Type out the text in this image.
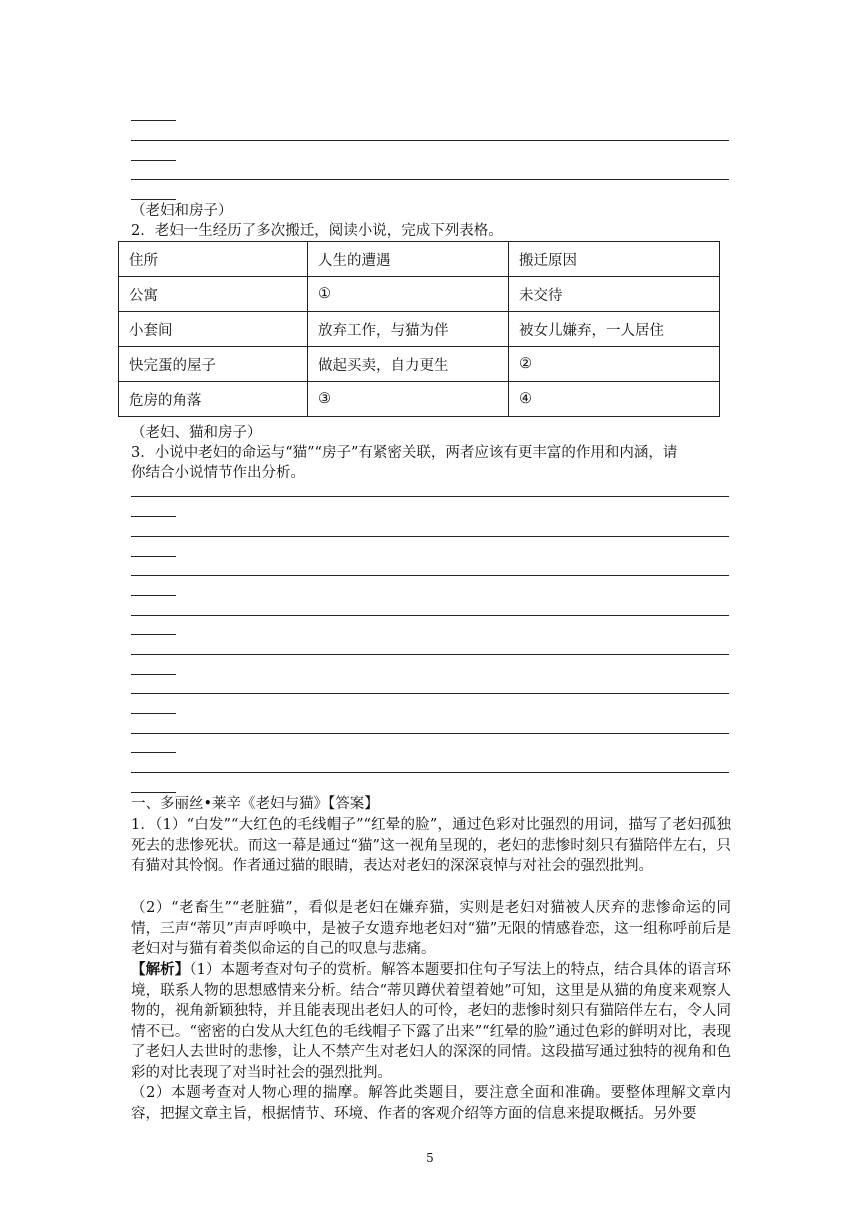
（老妇和房子）
2．老妇一生经历了多次搬迁，阅读小说，完成下列表格。
住所	人生的遭遇	搬迁原因
公寓	①	未交待
小套间	放弃工作，与猫为伴	被女儿嫌弃，一人居住
快完蛋的屋子	做起买卖，自力更生	②
危房的角落	③	④
（老妇、猫和房子）
3．小说中老妇的命运与“猫”“房子”有紧密关联，两者应该有更丰富的作用和内涵，请
你结合小说情节作出分析。
一、多丽丝•莱辛《老妇与猫》【答案】
1．（1）“白发”“大红色的毛线帽子”“红晕的脸”，通过色彩对比强烈的用词，描写了老妇孤独死去的悲惨死状。而这一幕是通过“猫”这一视角呈现的，老妇的悲惨时刻只有猫陪伴左右，只有猫对其怜悯。作者通过猫的眼睛，表达对老妇的深深哀悼与对社会的强烈批判。
（2）“老畜生”“老脏猫”，看似是老妇在嫌弃猫，实则是老妇对猫被人厌弃的悲惨命运的同情，三声“蒂贝”声声呼唤中，是被子女遗弃地老妇对“猫”无限的情感眷恋，这一组称呼前后是老妇对与猫有着类似命运的自己的叹息与悲痛。
【解析】（1）本题考查对句子的赏析。解答本题要扣住句子写法上的特点，结合具体的语言环境，联系人物的思想感情来分析。结合“蒂贝蹲伏着望着她”可知，这里是从猫的角度来观察人物的，视角新颖独特，并且能表现出老妇人的可怜，老妇的悲惨时刻只有猫陪伴左右，令人同情不已。“密密的白发从大红色的毛线帽子下露了出来”“红晕的脸”通过色彩的鲜明对比，表现了老妇人去世时的悲惨，让人不禁产生对老妇人的深深的同情。这段描写通过独特的视角和色彩的对比表现了对当时社会的强烈批判。
（2）本题考查对人物心理的揣摩。解答此类题目，要注意全面和准确。要整体理解文章内容，把握文章主旨，根据情节、环境、作者的客观介绍等方面的信息来提取概括。另外要
5
